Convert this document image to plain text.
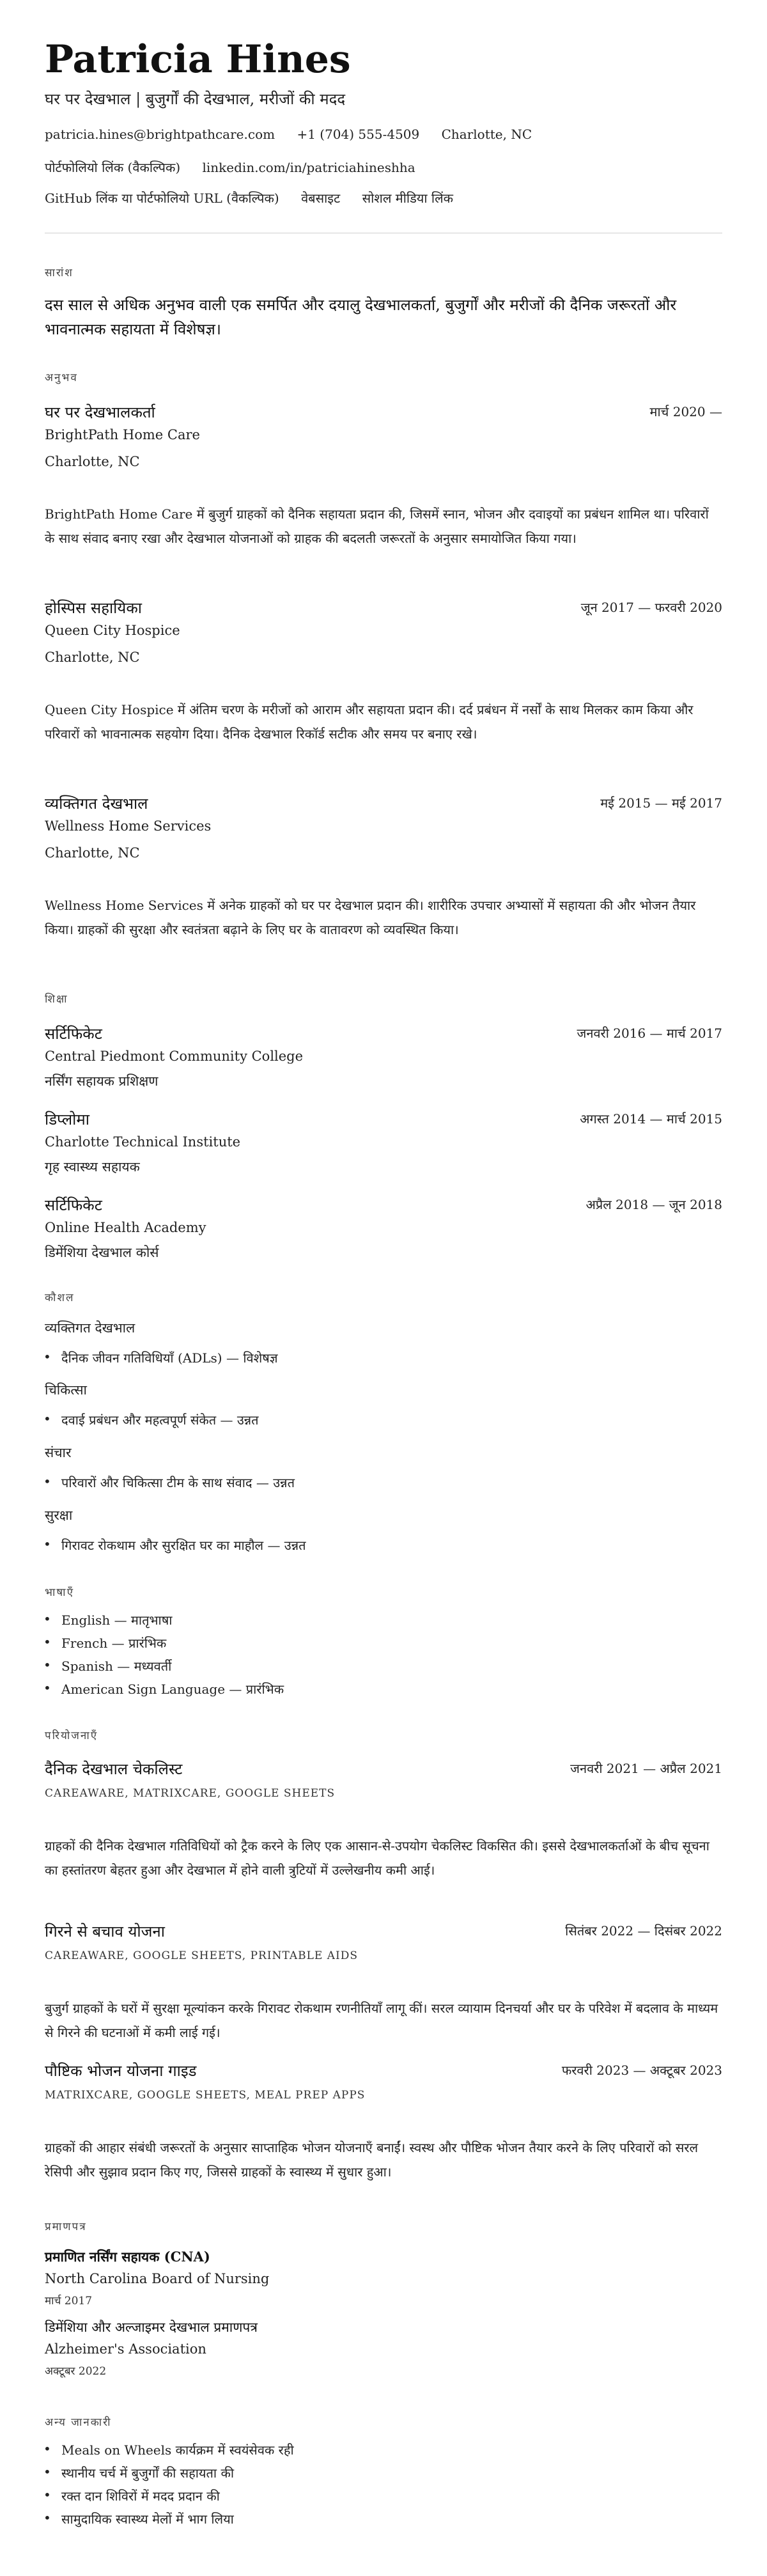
Patricia Hines
घर पर देखभाल | बुजुर्गों की देखभाल, मरीजों की मदद
patricia.hines@brightpathcare.com +1 (704) 555-4509 Charlotte, NC
पोर्टफोलियो लिंक (वैकल्पिक) linkedin.com/in/patriciahineshha
GitHub लिंक या पोर्टफोलियो URL (वैकल्पिक) वेबसाइट सोशल मीडिया लिंक
सारांश
दस साल से अधिक अनुभव वाली एक समर्पित और दयालु देखभालकर्ता, बुजुर्गों और मरीजों की दैनिक जरूरतों और भावनात्मक सहायता में विशेषज्ञ।
अनुभव
घर पर देखभालकर्ता	मार्च 2020 —
BrightPath Home Care
Charlotte, NC
BrightPath Home Care में बुजुर्ग ग्राहकों को दैनिक सहायता प्रदान की, जिसमें स्नान, भोजन और दवाइयों का प्रबंधन शामिल था। परिवारों के साथ संवाद बनाए रखा और देखभाल योजनाओं को ग्राहक की बदलती जरूरतों के अनुसार समायोजित किया गया।
होस्पिस सहायिका	जून 2017 — फरवरी 2020
Queen City Hospice
Charlotte, NC
Queen City Hospice में अंतिम चरण के मरीजों को आराम और सहायता प्रदान की। दर्द प्रबंधन में नर्सों के साथ मिलकर काम किया और परिवारों को भावनात्मक सहयोग दिया। दैनिक देखभाल रिकॉर्ड सटीक और समय पर बनाए रखे।
व्यक्तिगत देखभाल	मई 2015 — मई 2017
Wellness Home Services
Charlotte, NC
Wellness Home Services में अनेक ग्राहकों को घर पर देखभाल प्रदान की। शारीरिक उपचार अभ्यासों में सहायता की और भोजन तैयार किया। ग्राहकों की सुरक्षा और स्वतंत्रता बढ़ाने के लिए घर के वातावरण को व्यवस्थित किया।
शिक्षा
सर्टिफिकेट	जनवरी 2016 — मार्च 2017
Central Piedmont Community College
नर्सिंग सहायक प्रशिक्षण
डिप्लोमा	अगस्त 2014 — मार्च 2015
Charlotte Technical Institute
गृह स्वास्थ्य सहायक
सर्टिफिकेट	अप्रैल 2018 — जून 2018
Online Health Academy
डिमेंशिया देखभाल कोर्स
कौशल
व्यक्तिगत देखभाल
• दैनिक जीवन गतिविधियाँ (ADLs) — विशेषज्ञ
चिकित्सा
• दवाई प्रबंधन और महत्वपूर्ण संकेत — उन्नत
संचार
• परिवारों और चिकित्सा टीम के साथ संवाद — उन्नत
सुरक्षा
• गिरावट रोकथाम और सुरक्षित घर का माहौल — उन्नत
भाषाएँ
• English — मातृभाषा
• French — प्रारंभिक
• Spanish — मध्यवर्ती
• American Sign Language — प्रारंभिक
परियोजनाएँ
दैनिक देखभाल चेकलिस्ट	जनवरी 2021 — अप्रैल 2021
CAREAWARE, MATRIXCARE, GOOGLE SHEETS
ग्राहकों की दैनिक देखभाल गतिविधियों को ट्रैक करने के लिए एक आसान-से-उपयोग चेकलिस्ट विकसित की। इससे देखभालकर्ताओं के बीच सूचना का हस्तांतरण बेहतर हुआ और देखभाल में होने वाली त्रुटियों में उल्लेखनीय कमी आई।
गिरने से बचाव योजना	सितंबर 2022 — दिसंबर 2022
CAREAWARE, GOOGLE SHEETS, PRINTABLE AIDS
बुजुर्ग ग्राहकों के घरों में सुरक्षा मूल्यांकन करके गिरावट रोकथाम रणनीतियाँ लागू कीं। सरल व्यायाम दिनचर्या और घर के परिवेश में बदलाव के माध्यम से गिरने की घटनाओं में कमी लाई गई।
पौष्टिक भोजन योजना गाइड	फरवरी 2023 — अक्टूबर 2023
MATRIXCARE, GOOGLE SHEETS, MEAL PREP APPS
ग्राहकों की आहार संबंधी जरूरतों के अनुसार साप्ताहिक भोजन योजनाएँ बनाईं। स्वस्थ और पौष्टिक भोजन तैयार करने के लिए परिवारों को सरल रेसिपी और सुझाव प्रदान किए गए, जिससे ग्राहकों के स्वास्थ्य में सुधार हुआ।
प्रमाणपत्र
प्रमाणित नर्सिंग सहायक (CNA)
North Carolina Board of Nursing
मार्च 2017
डिमेंशिया और अल्जाइमर देखभाल प्रमाणपत्र
Alzheimer's Association
अक्टूबर 2022
अन्य जानकारी
• Meals on Wheels कार्यक्रम में स्वयंसेवक रही
• स्थानीय चर्च में बुजुर्गों की सहायता की
• रक्त दान शिविरों में मदद प्रदान की
• सामुदायिक स्वास्थ्य मेलों में भाग लिया
